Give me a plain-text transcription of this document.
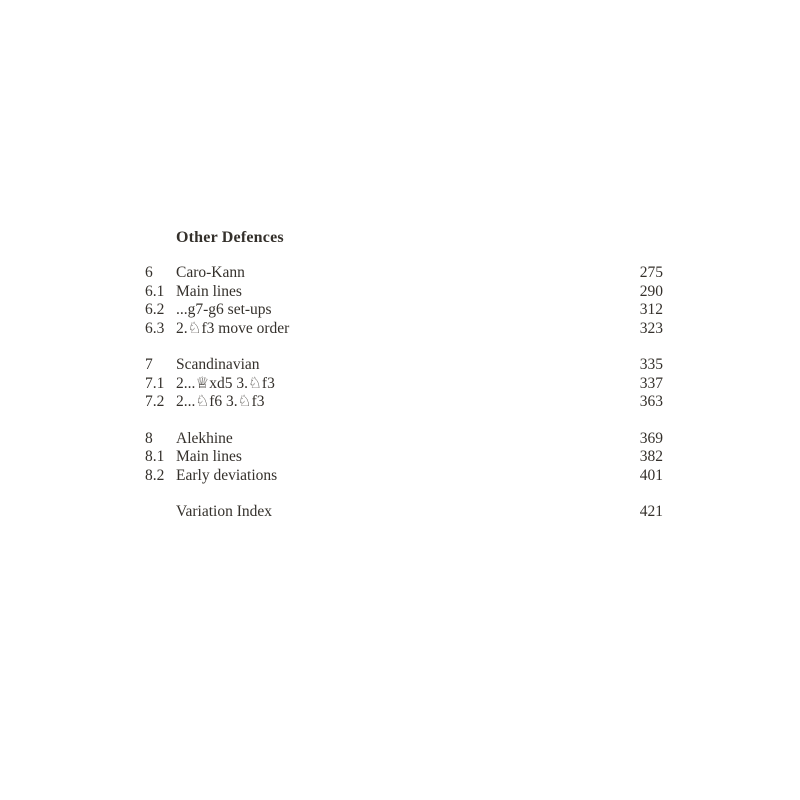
Other Defences
6	Caro-Kann	275
6.1 Main lines	290
6.2 ...g7-g6 set-ups	312
6.3 2.♘f3 move order	323
7	Scandinavian	335
7.1 2...♕xd5 3.♘f3	337
7.2 2...♘f6 3.♘f3	363
8	Alekhine	369
8.1 Main lines	382
8.2 Early deviations	401
Variation Index	421
